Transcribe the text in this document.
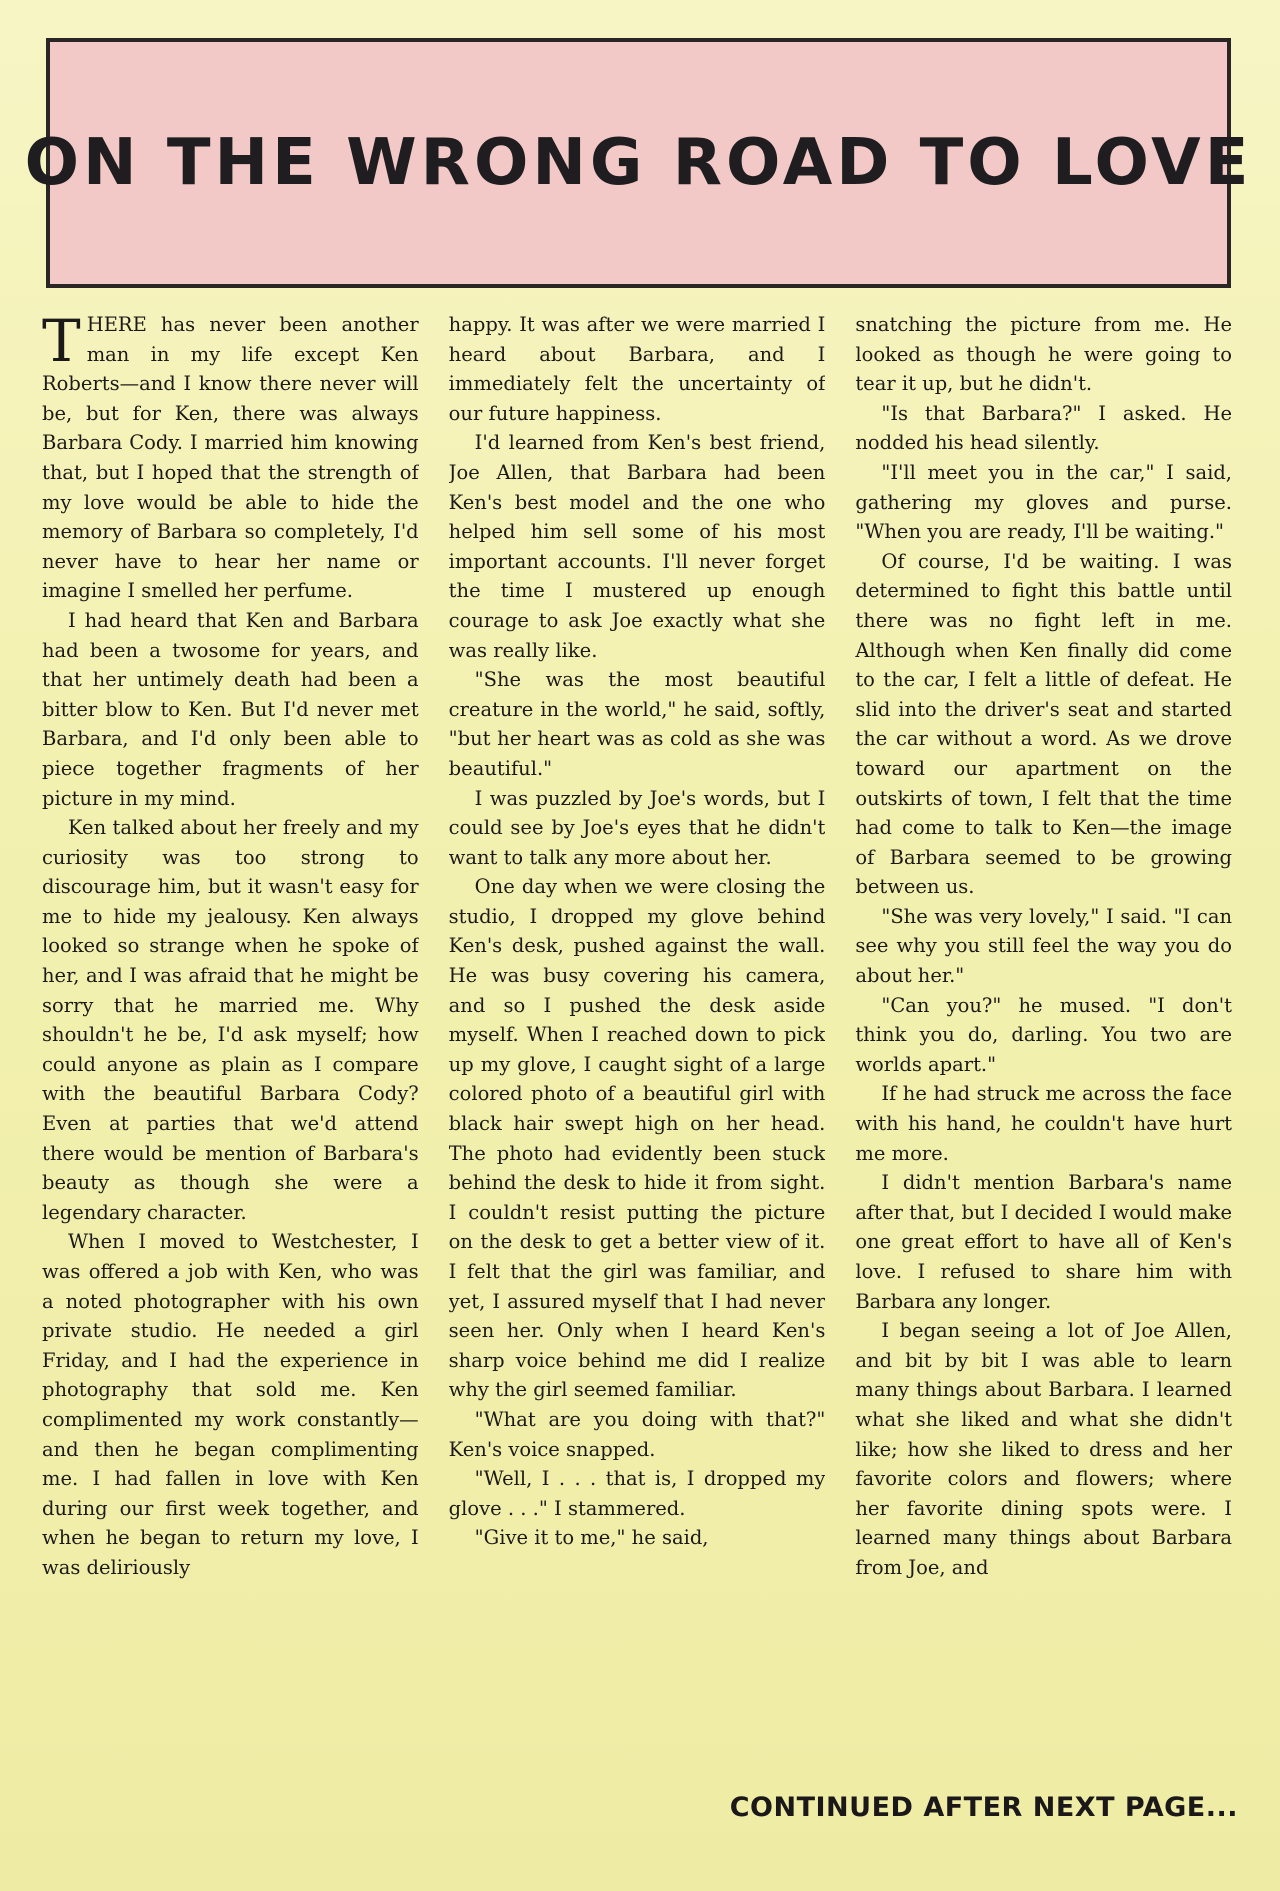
ON THE WRONG ROAD TO LOVE

THERE has never been another man in my life except Ken Roberts—and I know there never will be, but for Ken, there was always Barbara Cody. I married him knowing that, but I hoped that the strength of my love would be able to hide the memory of Barbara so completely, I'd never have to hear her name or imagine I smelled her perfume.

I had heard that Ken and Barbara had been a twosome for years, and that her untimely death had been a bitter blow to Ken. But I'd never met Barbara, and I'd only been able to piece together fragments of her picture in my mind.

Ken talked about her freely and my curiosity was too strong to discourage him, but it wasn't easy for me to hide my jealousy. Ken always looked so strange when he spoke of her, and I was afraid that he might be sorry that he married me. Why shouldn't he be, I'd ask myself; how could anyone as plain as I compare with the beautiful Barbara Cody? Even at parties that we'd attend there would be mention of Barbara's beauty as though she were a legendary character.

When I moved to Westchester, I was offered a job with Ken, who was a noted photographer with his own private studio. He needed a girl Friday, and I had the experience in photography that sold me. Ken complimented my work constantly—and then he began complimenting me. I had fallen in love with Ken during our first week together, and when he began to return my love, I was deliriously

happy. It was after we were married I heard about Barbara, and I immediately felt the uncertainty of our future happiness.

I'd learned from Ken's best friend, Joe Allen, that Barbara had been Ken's best model and the one who helped him sell some of his most important accounts. I'll never forget the time I mustered up enough courage to ask Joe exactly what she was really like.

"She was the most beautiful creature in the world," he said, softly, "but her heart was as cold as she was beautiful."

I was puzzled by Joe's words, but I could see by Joe's eyes that he didn't want to talk any more about her.

One day when we were closing the studio, I dropped my glove behind Ken's desk, pushed against the wall. He was busy covering his camera, and so I pushed the desk aside myself. When I reached down to pick up my glove, I caught sight of a large colored photo of a beautiful girl with black hair swept high on her head. The photo had evidently been stuck behind the desk to hide it from sight. I couldn't resist putting the picture on the desk to get a better view of it. I felt that the girl was familiar, and yet, I assured myself that I had never seen her. Only when I heard Ken's sharp voice behind me did I realize why the girl seemed familiar.

"What are you doing with that?" Ken's voice snapped.

"Well, I . . . that is, I dropped my glove . . ." I stammered.

"Give it to me," he said,

snatching the picture from me. He looked as though he were going to tear it up, but he didn't.

"Is that Barbara?" I asked. He nodded his head silently.

"I'll meet you in the car," I said, gathering my gloves and purse. "When you are ready, I'll be waiting."

Of course, I'd be waiting. I was determined to fight this battle until there was no fight left in me. Although when Ken finally did come to the car, I felt a little of defeat. He slid into the driver's seat and started the car without a word. As we drove toward our apartment on the outskirts of town, I felt that the time had come to talk to Ken—the image of Barbara seemed to be growing between us.

"She was very lovely," I said. "I can see why you still feel the way you do about her."

"Can you?" he mused. "I don't think you do, darling. You two are worlds apart."

If he had struck me across the face with his hand, he couldn't have hurt me more.

I didn't mention Barbara's name after that, but I decided I would make one great effort to have all of Ken's love. I refused to share him with Barbara any longer.

I began seeing a lot of Joe Allen, and bit by bit I was able to learn many things about Barbara. I learned what she liked and what she didn't like; how she liked to dress and her favorite colors and flowers; where her favorite dining spots were. I learned many things about Barbara from Joe, and

CONTINUED AFTER NEXT PAGE...
